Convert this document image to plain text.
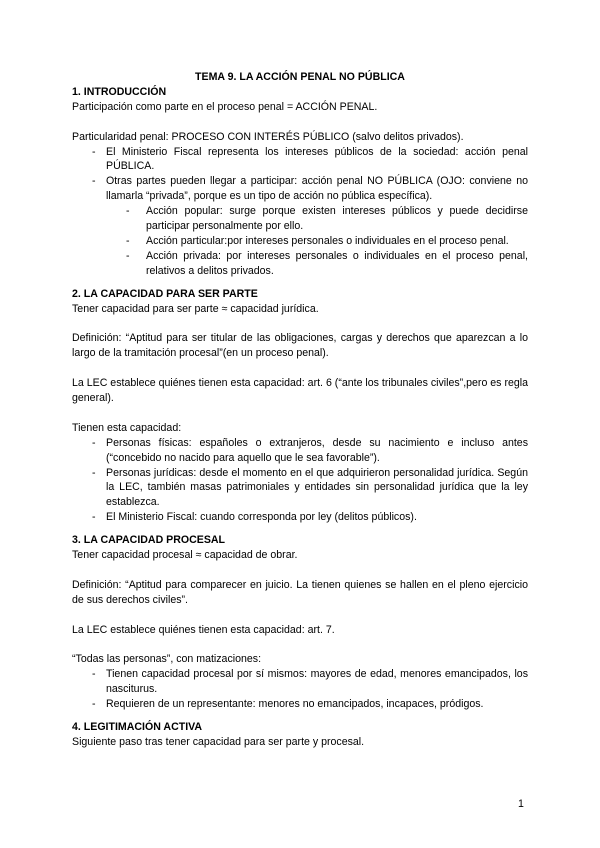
TEMA 9. LA ACCIÓN PENAL NO PÚBLICA

1. INTRODUCCIÓN

Participación como parte en el proceso penal = ACCIÓN PENAL.

Particularidad penal: PROCESO CON INTERÉS PÚBLICO (salvo delitos privados).

- El Ministerio Fiscal representa los intereses públicos de la sociedad: acción penal PÚBLICA.
- Otras partes pueden llegar a participar: acción penal NO PÚBLICA (OJO: conviene no llamarla “privada”, porque es un tipo de acción no pública específica).
- Acción popular: surge porque existen intereses públicos y puede decidirse participar personalmente por ello.
- Acción particular:por intereses personales o individuales en el proceso penal.
- Acción privada: por intereses personales o individuales en el proceso penal, relativos a delitos privados.

2. LA CAPACIDAD PARA SER PARTE

Tener capacidad para ser parte ≈ capacidad jurídica.

Definición: “Aptitud para ser titular de las obligaciones, cargas y derechos que aparezcan a lo largo de la tramitación procesal”(en un proceso penal).

La LEC establece quiénes tienen esta capacidad: art. 6 (“ante los tribunales civiles”,pero es regla general).

Tienen esta capacidad:

- Personas físicas: españoles o extranjeros, desde su nacimiento e incluso antes (“concebido no nacido para aquello que le sea favorable”).
- Personas jurídicas: desde el momento en el que adquirieron personalidad jurídica. Según la LEC, también masas patrimoniales y entidades sin personalidad jurídica que la ley establezca.
- El Ministerio Fiscal: cuando corresponda por ley (delitos públicos).

3. LA CAPACIDAD PROCESAL

Tener capacidad procesal ≈ capacidad de obrar.

Definición: “Aptitud para comparecer en juicio. La tienen quienes se hallen en el pleno ejercicio de sus derechos civiles”.

La LEC establece quiénes tienen esta capacidad: art. 7.

“Todas las personas”, con matizaciones:

- Tienen capacidad procesal por sí mismos: mayores de edad, menores emancipados, los nasciturus.
- Requieren de un representante: menores no emancipados, incapaces, pródigos.

4. LEGITIMACIÓN ACTIVA

Siguiente paso tras tener capacidad para ser parte y procesal.

1
